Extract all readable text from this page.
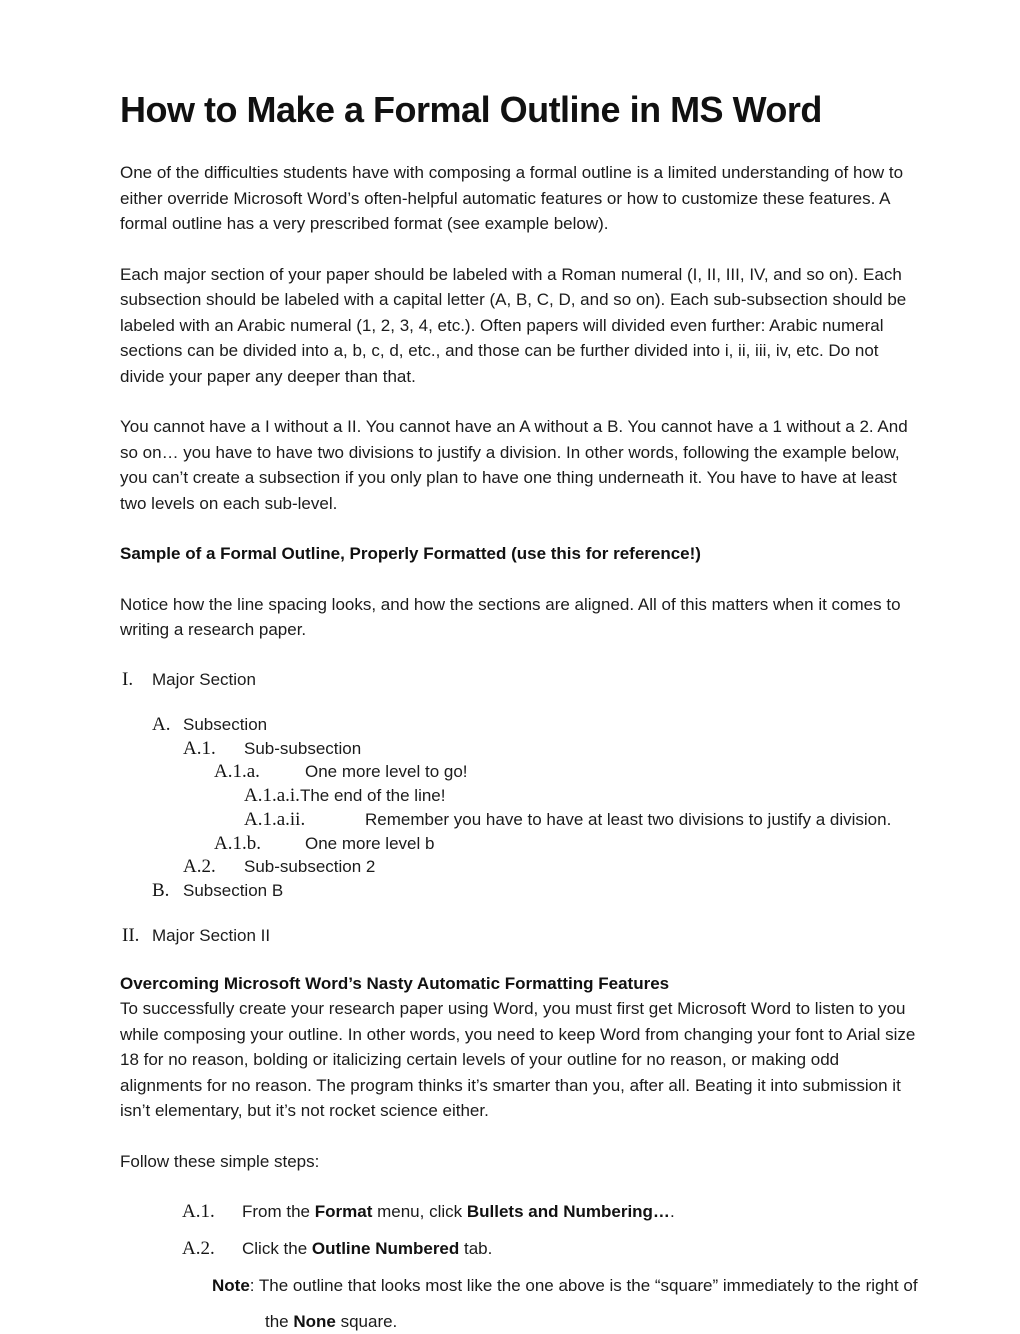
How to Make a Formal Outline in MS Word

One of the difficulties students have with composing a formal outline is a limited understanding of how to either override Microsoft Word’s often-helpful automatic features or how to customize these features. A formal outline has a very prescribed format (see example below).

Each major section of your paper should be labeled with a Roman numeral (I, II, III, IV, and so on). Each subsection should be labeled with a capital letter (A, B, C, D, and so on). Each sub-subsection should be labeled with an Arabic numeral (1, 2, 3, 4, etc.). Often papers will divided even further: Arabic numeral sections can be divided into a, b, c, d, etc., and those can be further divided into i, ii, iii, iv, etc. Do not divide your paper any deeper than that.

You cannot have a I without a II. You cannot have an A without a B. You cannot have a 1 without a 2. And so on… you have to have two divisions to justify a division. In other words, following the example below, you can’t create a subsection if you only plan to have one thing underneath it. You have to have at least two levels on each sub-level.

Sample of a Formal Outline, Properly Formatted (use this for reference!)

Notice how the line spacing looks, and how the sections are aligned. All of this matters when it comes to writing a research paper.

I.	Major Section
A. Subsection
A.1.	Sub-subsection
A.1.a.	One more level to go!
A.1.a.i.The end of the line!
A.1.a.ii.	Remember you have to have at least two divisions to justify a division.
A.1.b.	One more level b
A.2.	Sub-subsection 2
B. Subsection B
II. Major Section II

Overcoming Microsoft Word’s Nasty Automatic Formatting Features

To successfully create your research paper using Word, you must first get Microsoft Word to listen to you while composing your outline. In other words, you need to keep Word from changing your font to Arial size 18 for no reason, bolding or italicizing certain levels of your outline for no reason, or making odd alignments for no reason. The program thinks it’s smarter than you, after all. Beating it into submission it isn’t elementary, but it’s not rocket science either.

Follow these simple steps:

A.1.	From the Format menu, click Bullets and Numbering….
A.2.	Click the Outline Numbered tab.

Note: The outline that looks most like the one above is the “square” immediately to the right of

the None square.
